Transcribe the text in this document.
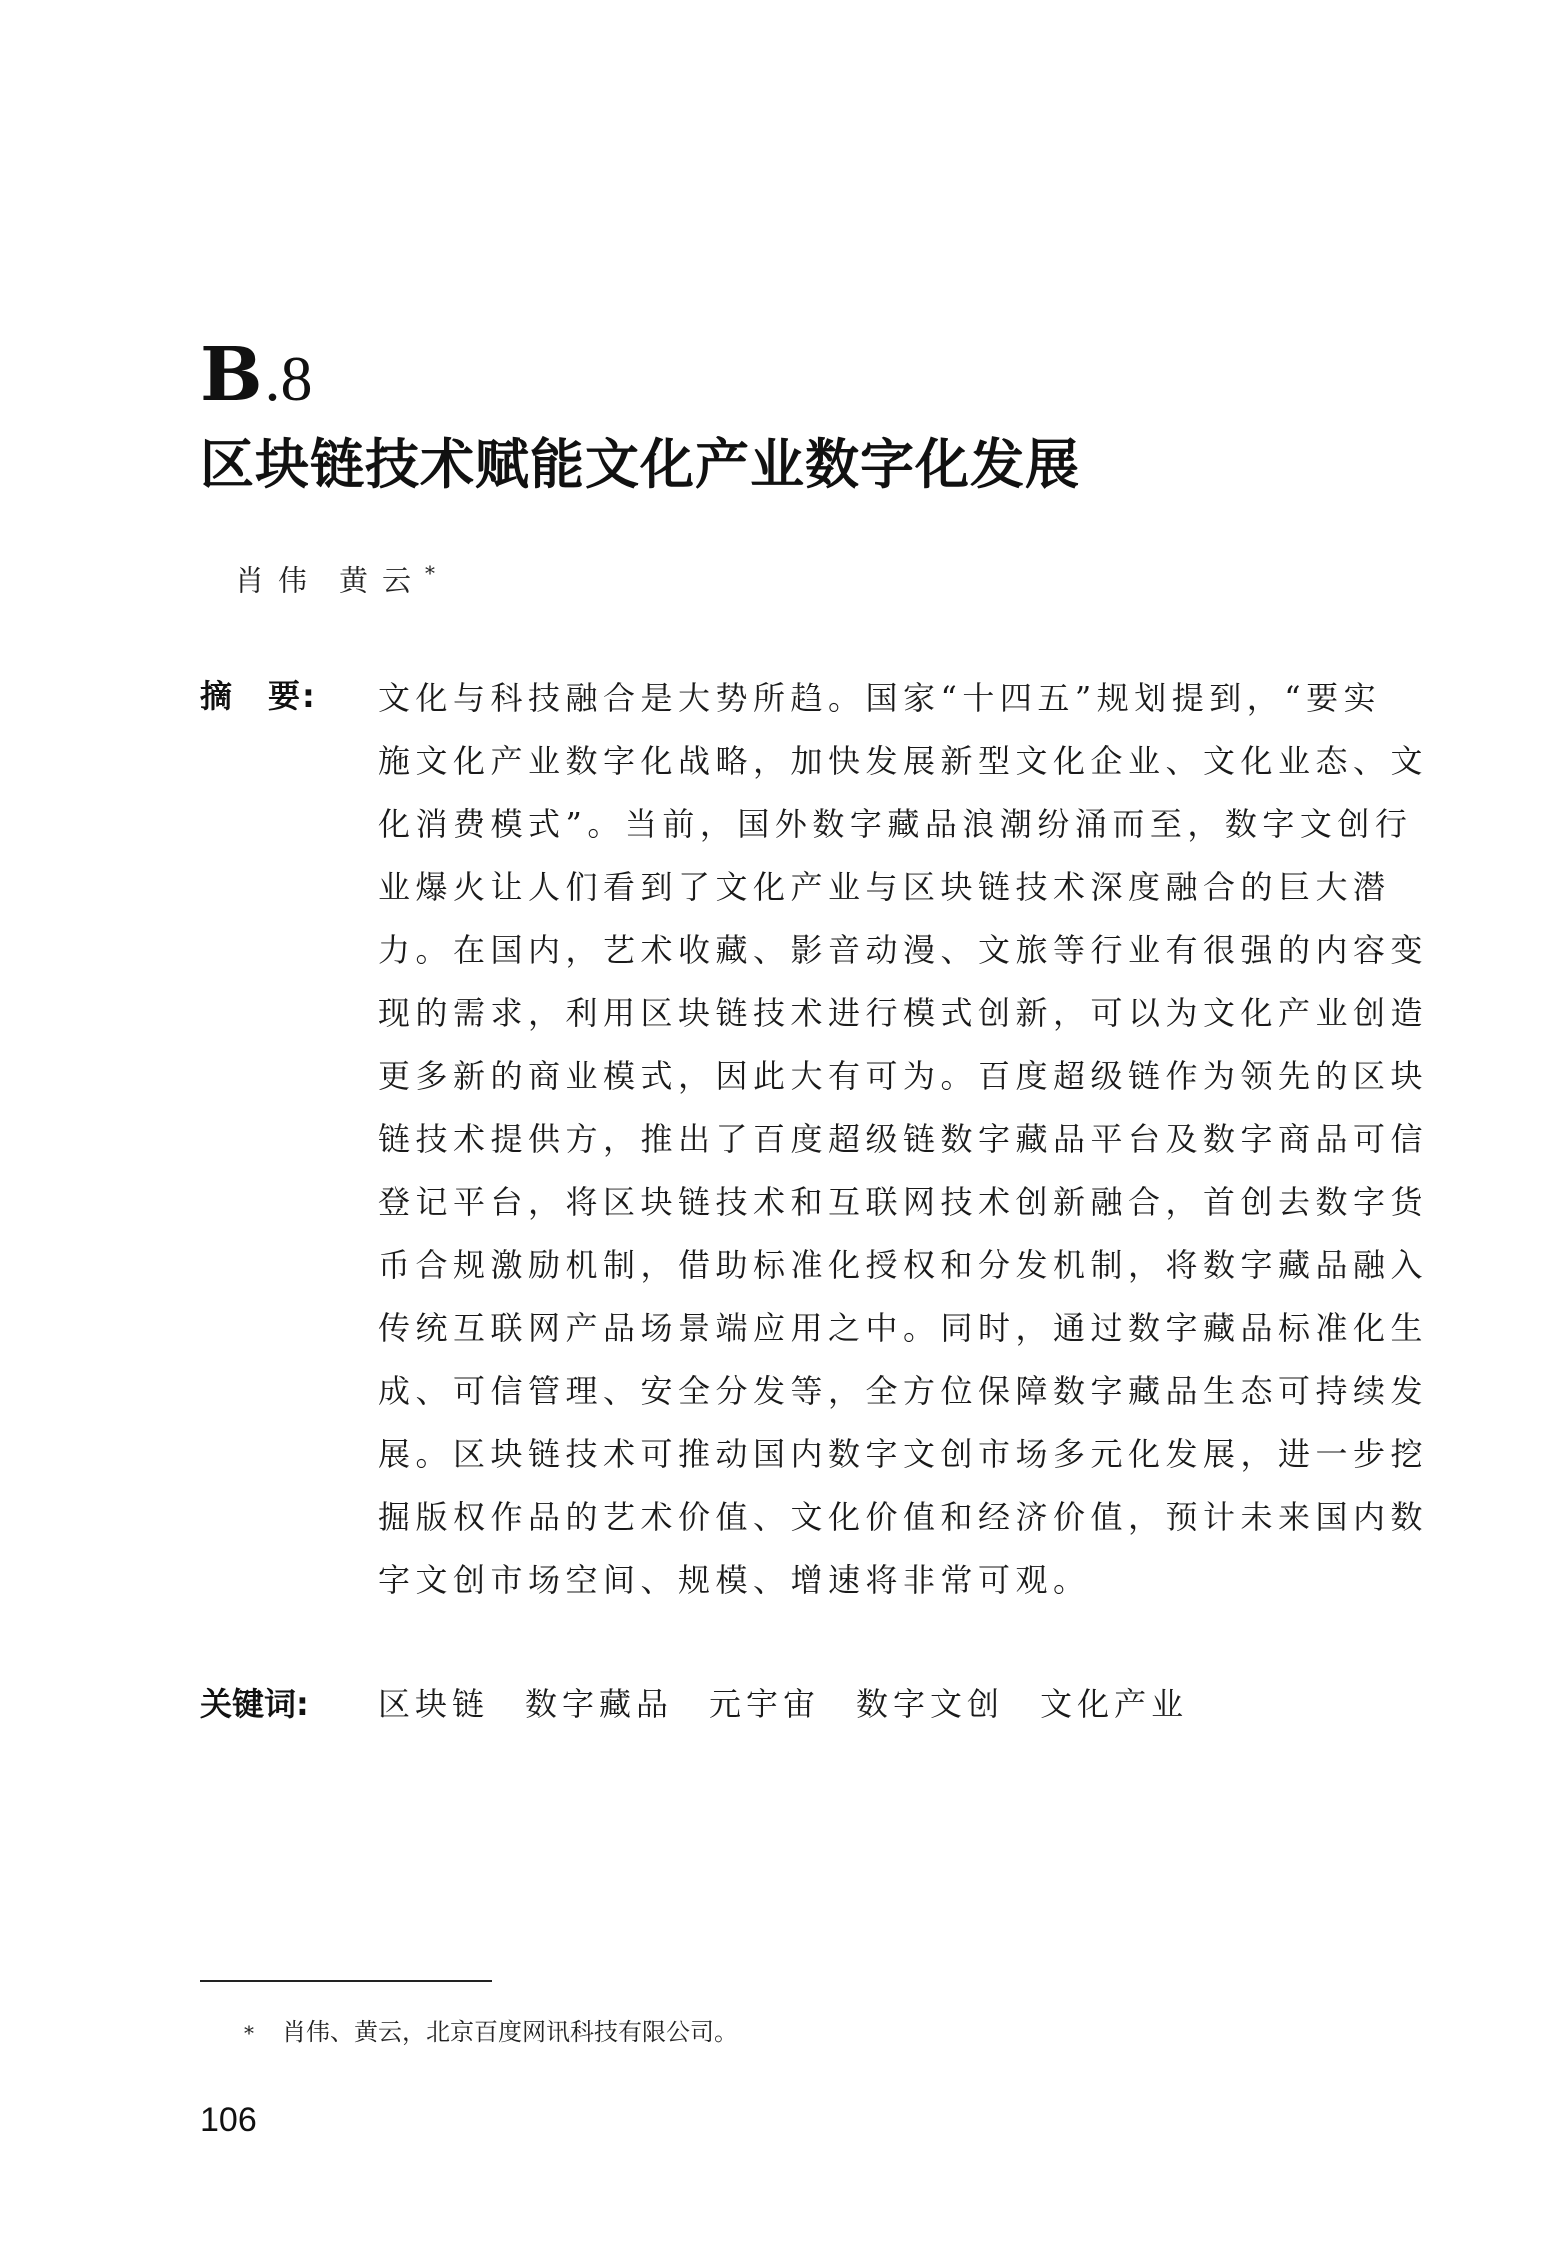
B .8
区块链技术赋能文化产业数字化发展
肖伟 黄云*
摘　要: 文化与科技融合是大势所趋。国家“十四五”规划提到，“要实
施文化产业数字化战略，加快发展新型文化企业、文化业态、文
化消费模式”。当前，国外数字藏品浪潮纷涌而至，数字文创行
业爆火让人们看到了文化产业与区块链技术深度融合的巨大潜
力。在国内，艺术收藏、影音动漫、文旅等行业有很强的内容变
现的需求，利用区块链技术进行模式创新，可以为文化产业创造
更多新的商业模式，因此大有可为。百度超级链作为领先的区块
链技术提供方，推出了百度超级链数字藏品平台及数字商品可信
登记平台，将区块链技术和互联网技术创新融合，首创去数字货
币合规激励机制，借助标准化授权和分发机制，将数字藏品融入
传统互联网产品场景端应用之中。同时，通过数字藏品标准化生
成、可信管理、安全分发等，全方位保障数字藏品生态可持续发
展。区块链技术可推动国内数字文创市场多元化发展，进一步挖
掘版权作品的艺术价值、文化价值和经济价值，预计未来国内数
字文创市场空间、规模、增速将非常可观。
关键词: 区块链 数字藏品 元宇宙 数字文创 文化产业
* 肖伟、黄云，北京百度网讯科技有限公司。
106
